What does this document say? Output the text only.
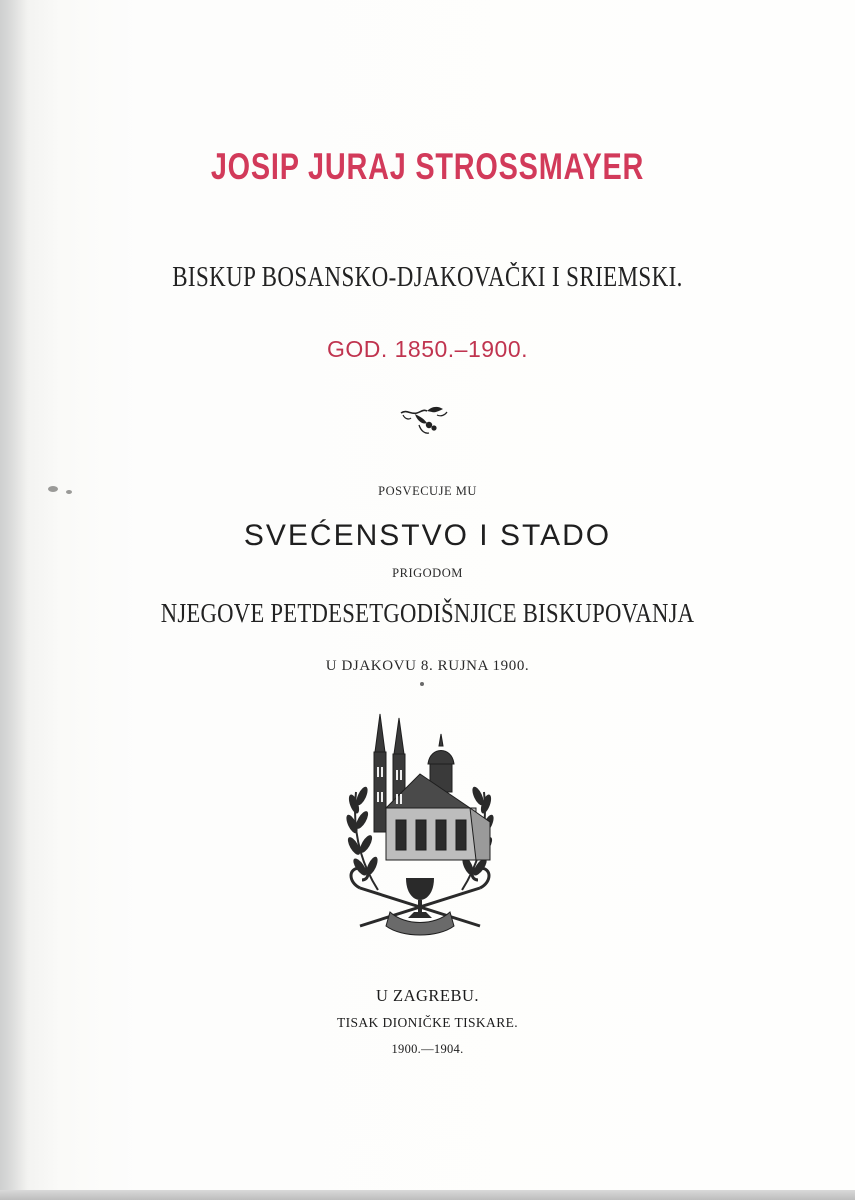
JOSIP JURAJ STROSSMAYER
BISKUP BOSANSKO-DJAKOVAČKI I SRIEMSKI.
GOD. 1850.–1900.
POSVECUJE MU
SVEĆENSTVO I STADO
PRIGODOM
NJEGOVE PETDESETGODIŠNJICE BISKUPOVANJA
U DJAKOVU 8. RUJNA 1900.
U ZAGREBU.
TISAK DIONIČKE TISKARE.
1900.—1904.
